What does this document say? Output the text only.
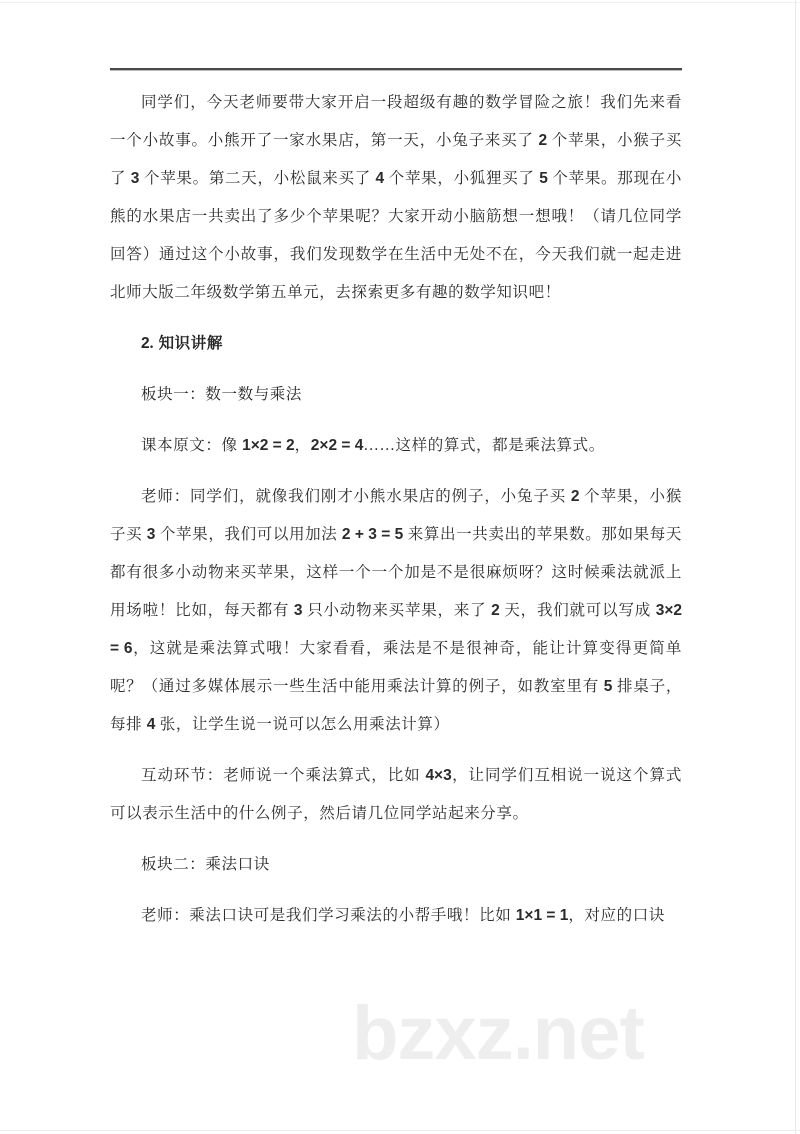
同学们，今天老师要带大家开启一段超级有趣的数学冒险之旅！我们先来看一个小故事。小熊开了一家水果店，第一天，小兔子来买了 2 个苹果，小猴子买了 3 个苹果。第二天，小松鼠来买了 4 个苹果，小狐狸买了 5 个苹果。那现在小熊的水果店一共卖出了多少个苹果呢？大家开动小脑筋想一想哦！（请几位同学回答）通过这个小故事，我们发现数学在生活中无处不在，今天我们就一起走进北师大版二年级数学第五单元，去探索更多有趣的数学知识吧！

2. 知识讲解
板块一：数一数与乘法

课本原文：像 1×2 = 2，2×2 = 4……这样的算式，都是乘法算式。

老师：同学们，就像我们刚才小熊水果店的例子，小兔子买 2 个苹果，小猴子买 3 个苹果，我们可以用加法 2 + 3 = 5 来算出一共卖出的苹果数。那如果每天都有很多小动物来买苹果，这样一个一个加是不是很麻烦呀？这时候乘法就派上用场啦！比如，每天都有 3 只小动物来买苹果，来了 2 天，我们就可以写成 3×2 = 6，这就是乘法算式哦！大家看看，乘法是不是很神奇，能让计算变得更简单呢？（通过多媒体展示一些生活中能用乘法计算的例子，如教室里有 5 排桌子，每排 4 张，让学生说一说可以怎么用乘法计算）

互动环节：老师说一个乘法算式，比如 4×3，让同学们互相说一说这个算式可以表示生活中的什么例子，然后请几位同学站起来分享。

板块二：乘法口诀

老师：乘法口诀可是我们学习乘法的小帮手哦！比如 1×1 = 1，对应的口诀

bzxz.net
